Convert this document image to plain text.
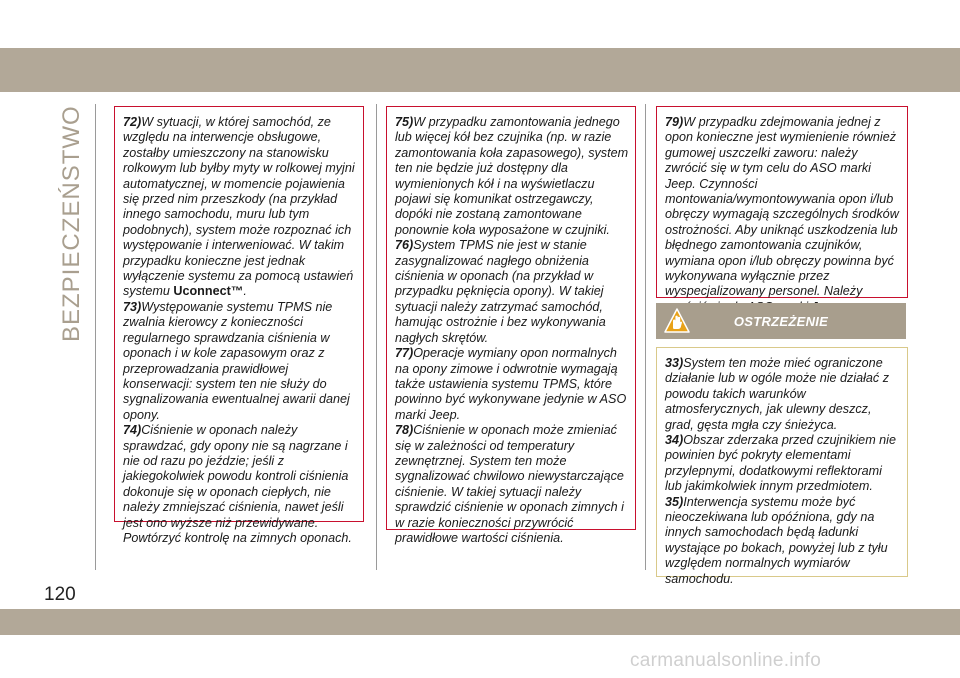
BEZPIECZEŃSTWO	72)W sytuacji, w której samochód, ze względu na interwencje obsługowe, zostałby umieszczony na stanowisku rolkowym lub byłby myty w rolkowej myjni automatycznej, w momencie pojawienia się przed nim przeszkody (na przykład innego samochodu, muru lub tym podobnych), system może rozpoznać ich występowanie i interweniować. W takim przypadku konieczne jest jednak wyłączenie systemu za pomocą ustawień systemu Uconnect™.

73)Występowanie systemu TPMS nie zwalnia kierowcy z konieczności regularnego sprawdzania ciśnienia w oponach i w kole zapasowym oraz z przeprowadzania prawidłowej konserwacji: system ten nie służy do sygnalizowania ewentualnej awarii danej opony.

74)Ciśnienie w oponach należy sprawdzać, gdy opony nie są nagrzane i nie od razu po jeździe; jeśli z jakiegokolwiek powodu kontroli ciśnienia dokonuje się w oponach ciepłych, nie należy zmniejszać ciśnienia, nawet jeśli jest ono wyższe niż przewidywane. Powtórzyć kontrolę na zimnych oponach.

75)W przypadku zamontowania jednego lub więcej kół bez czujnika (np. w razie zamontowania koła zapasowego), system ten nie będzie już dostępny dla wymienionych kół i na wyświetlaczu pojawi się komunikat ostrzegawczy, dopóki nie zostaną zamontowane ponownie koła wyposażone w czujniki.

76)System TPMS nie jest w stanie zasygnalizować nagłego obniżenia ciśnienia w oponach (na przykład w przypadku pęknięcia opony). W takiej sytuacji należy zatrzymać samochód, hamując ostrożnie i bez wykonywania nagłych skrętów.

77)Operacje wymiany opon normalnych na opony zimowe i odwrotnie wymagają także ustawienia systemu TPMS, które powinno być wykonywane jedynie w ASO marki Jeep.

78)Ciśnienie w oponach może zmieniać się w zależności od temperatury zewnętrznej. System ten może sygnalizować chwilowo niewystarczające ciśnienie. W takiej sytuacji należy sprawdzić ciśnienie w oponach zimnych i w razie konieczności przywrócić prawidłowe wartości ciśnienia.

79)W przypadku zdejmowania jednej z opon konieczne jest wymienienie również gumowej uszczelki zaworu: należy zwrócić się w tym celu do ASO marki Jeep. Czynności montowania/wymontowywania opon i/lub obręczy wymagają szczególnych środków ostrożności. Aby uniknąć uszkodzenia lub błędnego zamontowania czujników, wymiana opon i/lub obręczy powinna być wykonywana wyłącznie przez wyspecjalizowany personel. Należy

OSTRZEŻENIE

33)System ten może mieć ograniczone działanie lub w ogóle może nie działać z powodu takich warunków atmosferycznych, jak ulewny deszcz, grad, gęsta mgła czy śnieżyca.

34)Obszar zderzaka przed czujnikiem nie powinien być pokryty elementami przylepnymi, dodatkowymi reflektorami lub jakimkolwiek innym przedmiotem.

35)Interwencja systemu może być nieoczekiwana lub opóźniona, gdy na innych samochodach będą ładunki wystające po bokach, powyżej lub z tyłu względem normalnych wymiarów samochodu.

120
carmanualsonline.info
